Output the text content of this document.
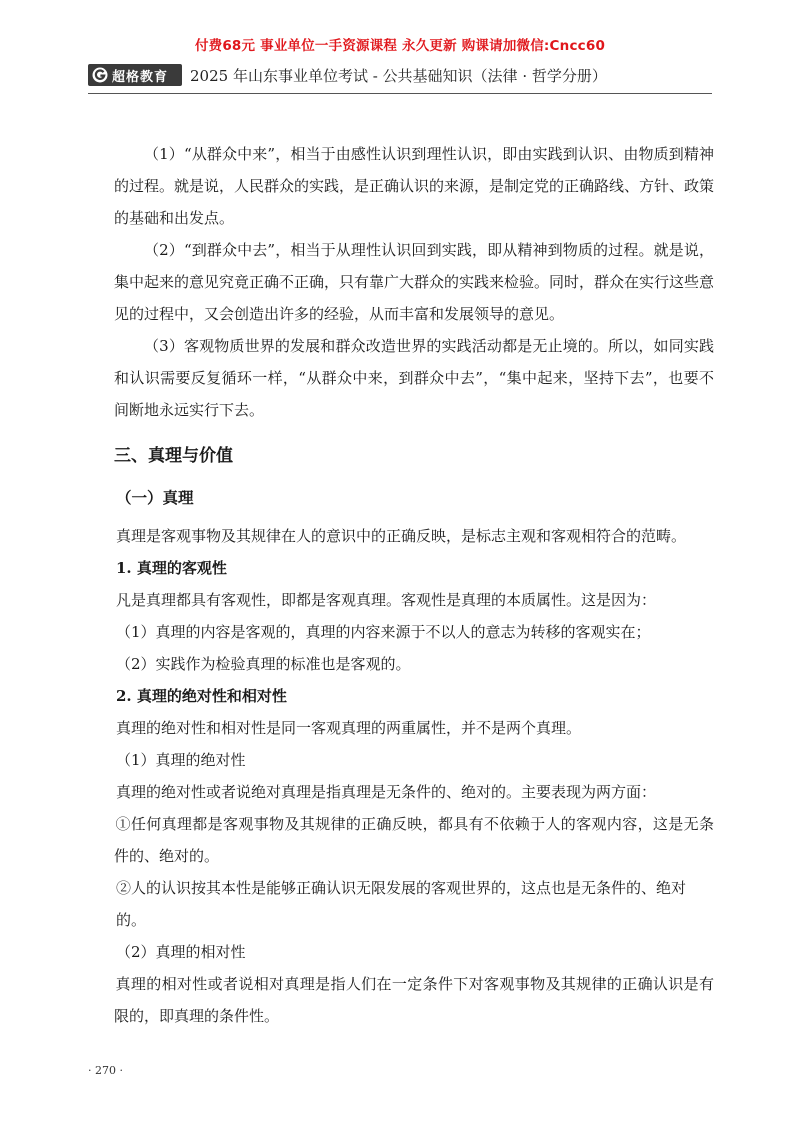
付费68元 事业单位一手资源课程 永久更新 购课请加微信:Cncc60
超格教育 2025 年山东事业单位考试 - 公共基础知识（法律 · 哲学分册）

（1）“从群众中来”，相当于由感性认识到理性认识，即由实践到认识、由物质到精神的过程。就是说，人民群众的实践，是正确认识的来源，是制定党的正确路线、方针、政策的基础和出发点。

（2）“到群众中去”，相当于从理性认识回到实践，即从精神到物质的过程。就是说，集中起来的意见究竟正确不正确，只有靠广大群众的实践来检验。同时，群众在实行这些意见的过程中，又会创造出许多的经验，从而丰富和发展领导的意见。

（3）客观物质世界的发展和群众改造世界的实践活动都是无止境的。所以，如同实践和认识需要反复循环一样，“从群众中来，到群众中去”，“集中起来，坚持下去”，也要不间断地永远实行下去。

三、真理与价值
（一）真理
真理是客观事物及其规律在人的意识中的正确反映，是标志主观和客观相符合的范畴。
1. 真理的客观性
凡是真理都具有客观性，即都是客观真理。客观性是真理的本质属性。这是因为：
（1）真理的内容是客观的，真理的内容来源于不以人的意志为转移的客观实在；
（2）实践作为检验真理的标准也是客观的。
2. 真理的绝对性和相对性
真理的绝对性和相对性是同一客观真理的两重属性，并不是两个真理。
（1）真理的绝对性
真理的绝对性或者说绝对真理是指真理是无条件的、绝对的。主要表现为两方面：

①任何真理都是客观事物及其规律的正确反映，都具有不依赖于人的客观内容，这是无条件的、绝对的。

②人的认识按其本性是能够正确认识无限发展的客观世界的，这点也是无条件的、绝对的。
（2）真理的相对性

真理的相对性或者说相对真理是指人们在一定条件下对客观事物及其规律的正确认识是有限的，即真理的条件性。

· 270 ·
